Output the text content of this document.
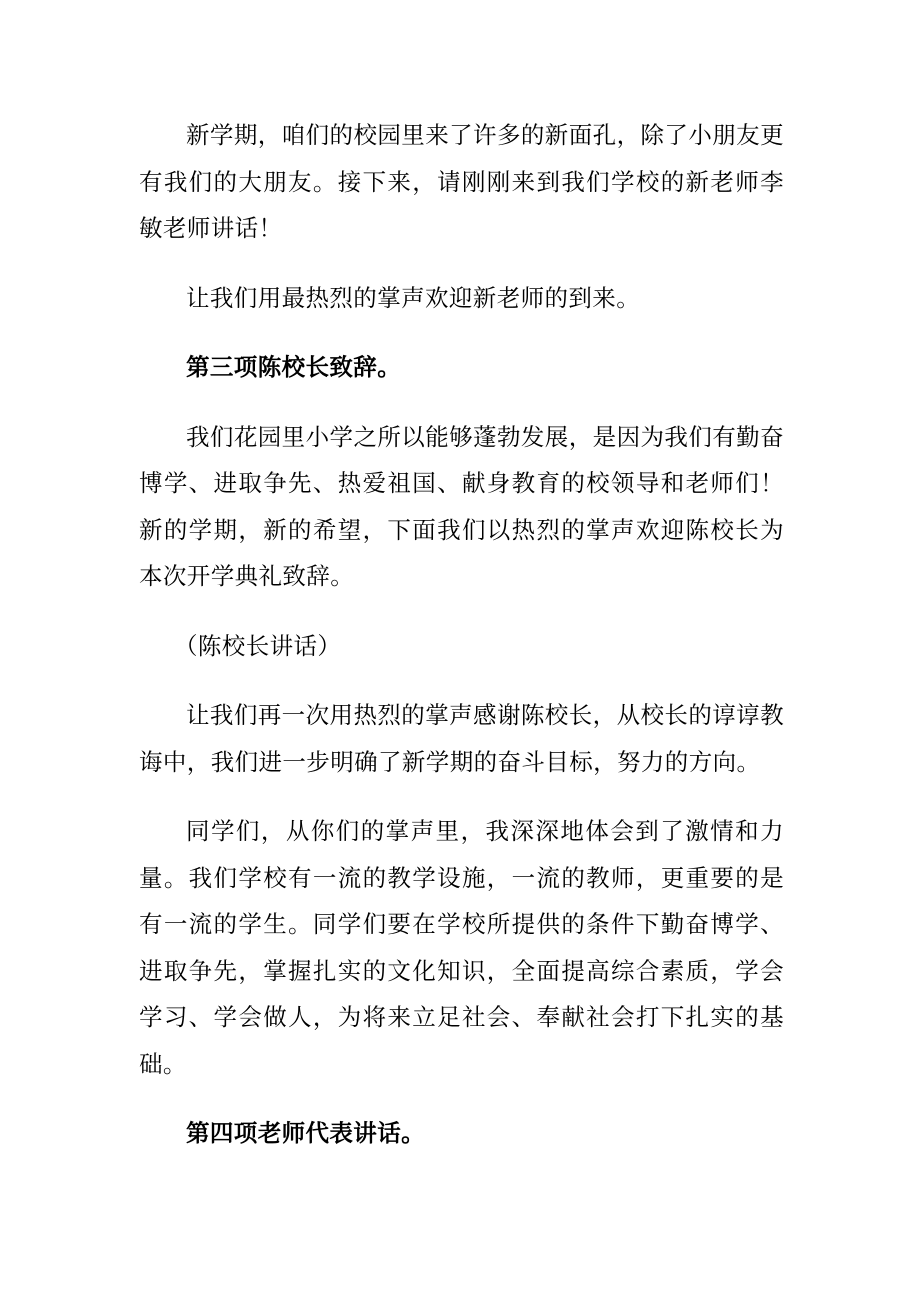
新学期，咱们的校园里来了许多的新面孔，除了小朋友更有我们的大朋友。接下来，请刚刚来到我们学校的新老师李敏老师讲话！

让我们用最热烈的掌声欢迎新老师的到来。

第三项陈校长致辞。

我们花园里小学之所以能够蓬勃发展，是因为我们有勤奋博学、进取争先、热爱祖国、献身教育的校领导和老师们！新的学期，新的希望，下面我们以热烈的掌声欢迎陈校长为本次开学典礼致辞。

（陈校长讲话）

让我们再一次用热烈的掌声感谢陈校长，从校长的谆谆教诲中，我们进一步明确了新学期的奋斗目标，努力的方向。

同学们，从你们的掌声里，我深深地体会到了激情和力量。我们学校有一流的教学设施，一流的教师，更重要的是有一流的学生。同学们要在学校所提供的条件下勤奋博学、进取争先，掌握扎实的文化知识，全面提高综合素质，学会学习、学会做人，为将来立足社会、奉献社会打下扎实的基础。

第四项老师代表讲话。
